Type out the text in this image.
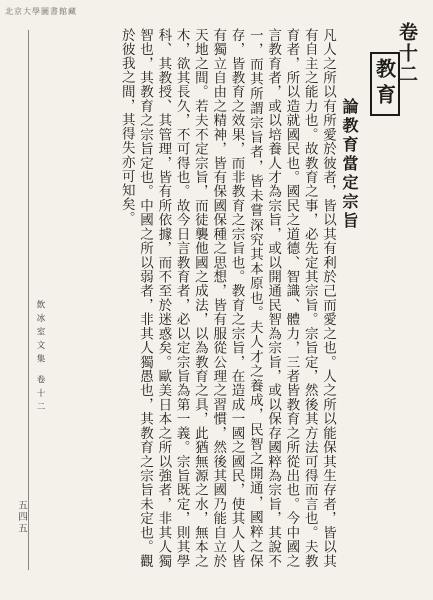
北京大學圖書館藏
卷十二
教育
論教育當定宗旨
凡人之所以有所愛於彼者，皆以其有利於己而愛之也。人之所以能保其生存者，皆以其有自主之能力也。故教育之事，必先定其宗旨。宗旨定，然後其方法可得而言也。夫教育者，所以造就國民也。國民之道德、智識、體力，三者皆教育之所從出也。今中國之言教育者，或以培養人才為宗旨，或以開通民智為宗旨，或以保存國粹為宗旨，其說不一，而其所謂宗旨者，皆未嘗深究其本原也。夫人才之養成，民智之開通，國粹之保存，皆教育之效果，而非教育之宗旨也。教育之宗旨，在造成一國之國民，使其人人皆有獨立自由之精神，皆有保國保種之思想，皆有服從公理之習慣，然後其國乃能自立於天地之間。若夫不定宗旨，而徒襲他國之成法，以為教育之具，此猶無源之水，無本之木，欲其長久，不可得也。故今日言教育者，必以定宗旨為第一義。宗旨既定，則其學科、其教授、其管理，皆有所依據，而不至於迷惑矣。歐美日本之所以強者，非其人獨智也，其教育之宗旨定也。中國之所以弱者，非其人獨愚也，其教育之宗旨未定也。觀於彼我之間，其得失亦可知矣。
飲冰室文集 卷十二
五四五
